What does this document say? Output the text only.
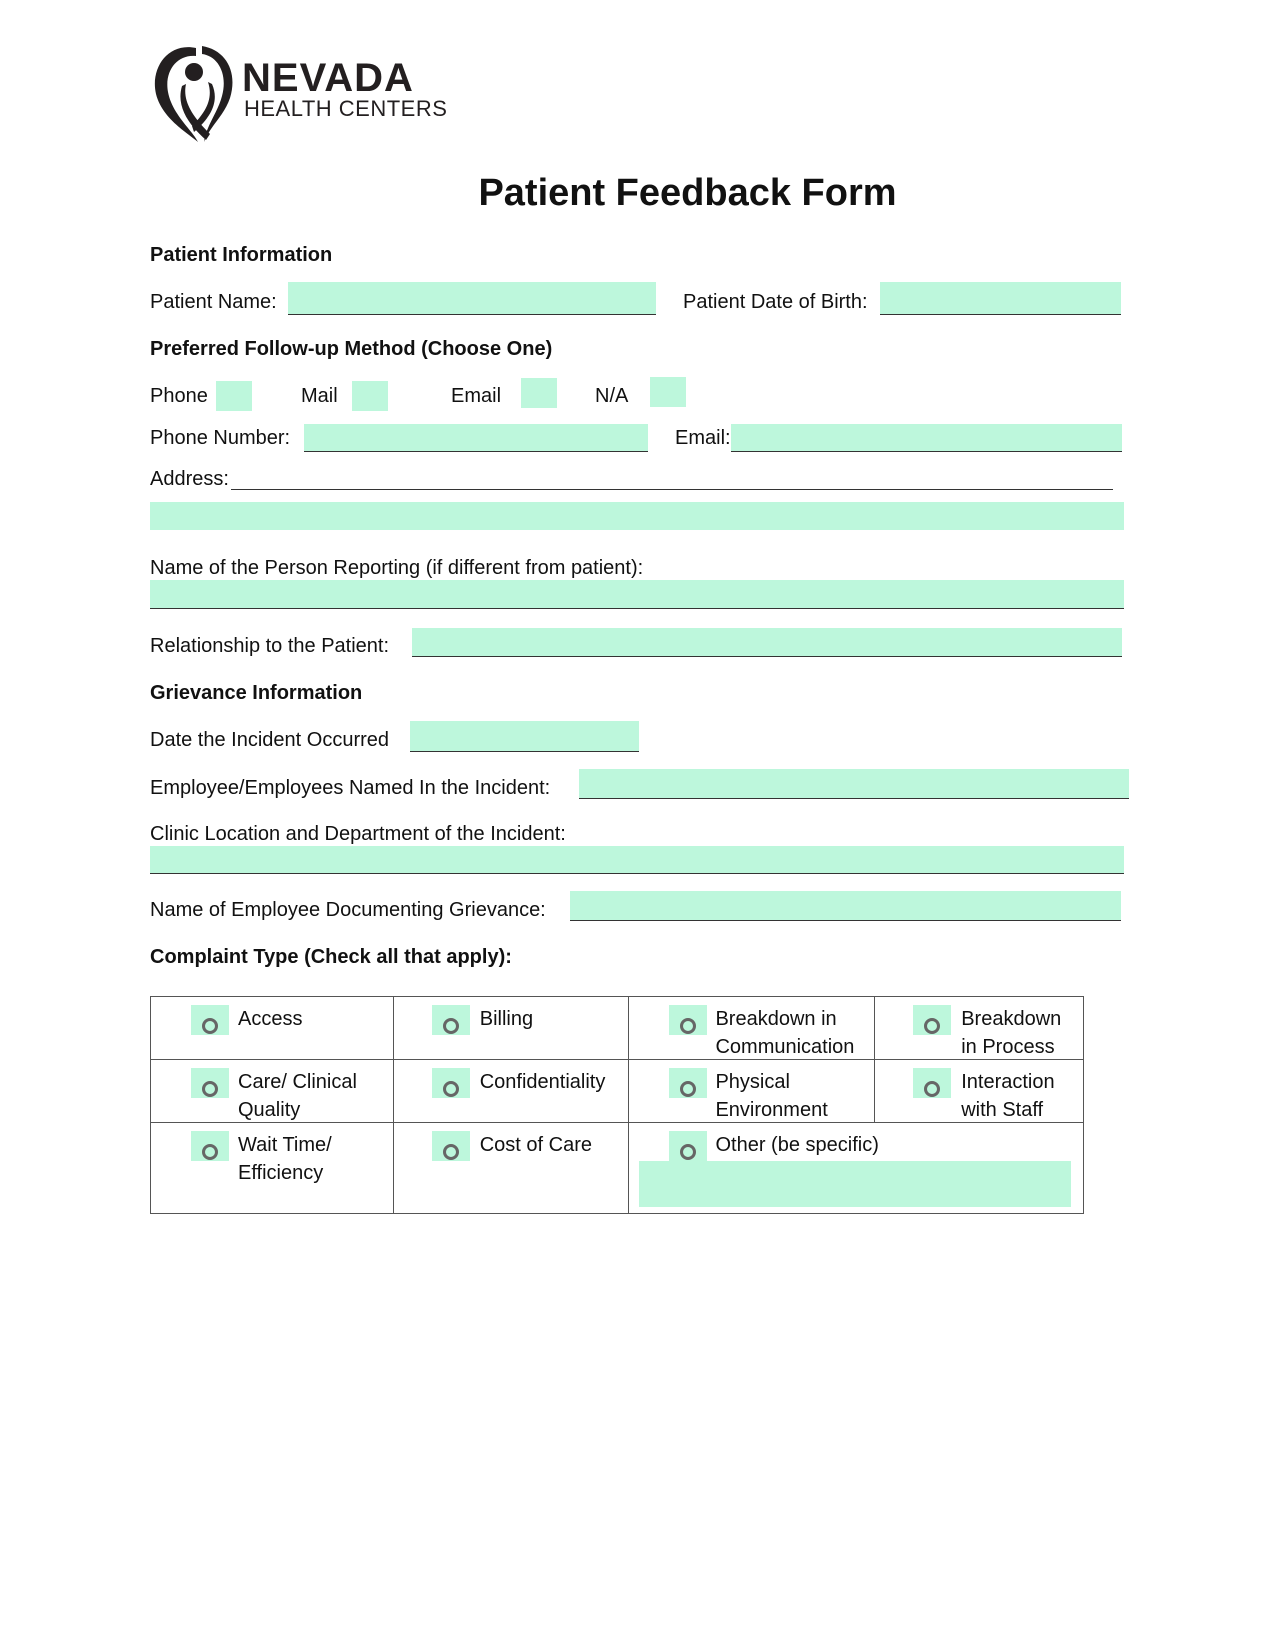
NEVADA
HEALTH CENTERS
Patient Feedback Form
Patient Information
Patient Name:	Patient Date of Birth:
Preferred Follow-up Method (Choose One)
Phone	Mail	Email	N/A
Phone Number:	Email:
Address:
Name of the Person Reporting (if different from patient):
Relationship to the Patient:
Grievance Information
Date the Incident Occurred
Employee/Employees Named In the Incident:
Clinic Location and Department of the Incident:
Name of Employee Documenting Grievance:
Complaint Type (Check all that apply):
Access	Billing	Breakdown in Communication	Breakdown in Process

Care/ Clinical Quality	Confidentiality	Physical Environment	Interaction with Staff

Wait Time/ Efficiency	Cost of Care	Other (be specific)	
